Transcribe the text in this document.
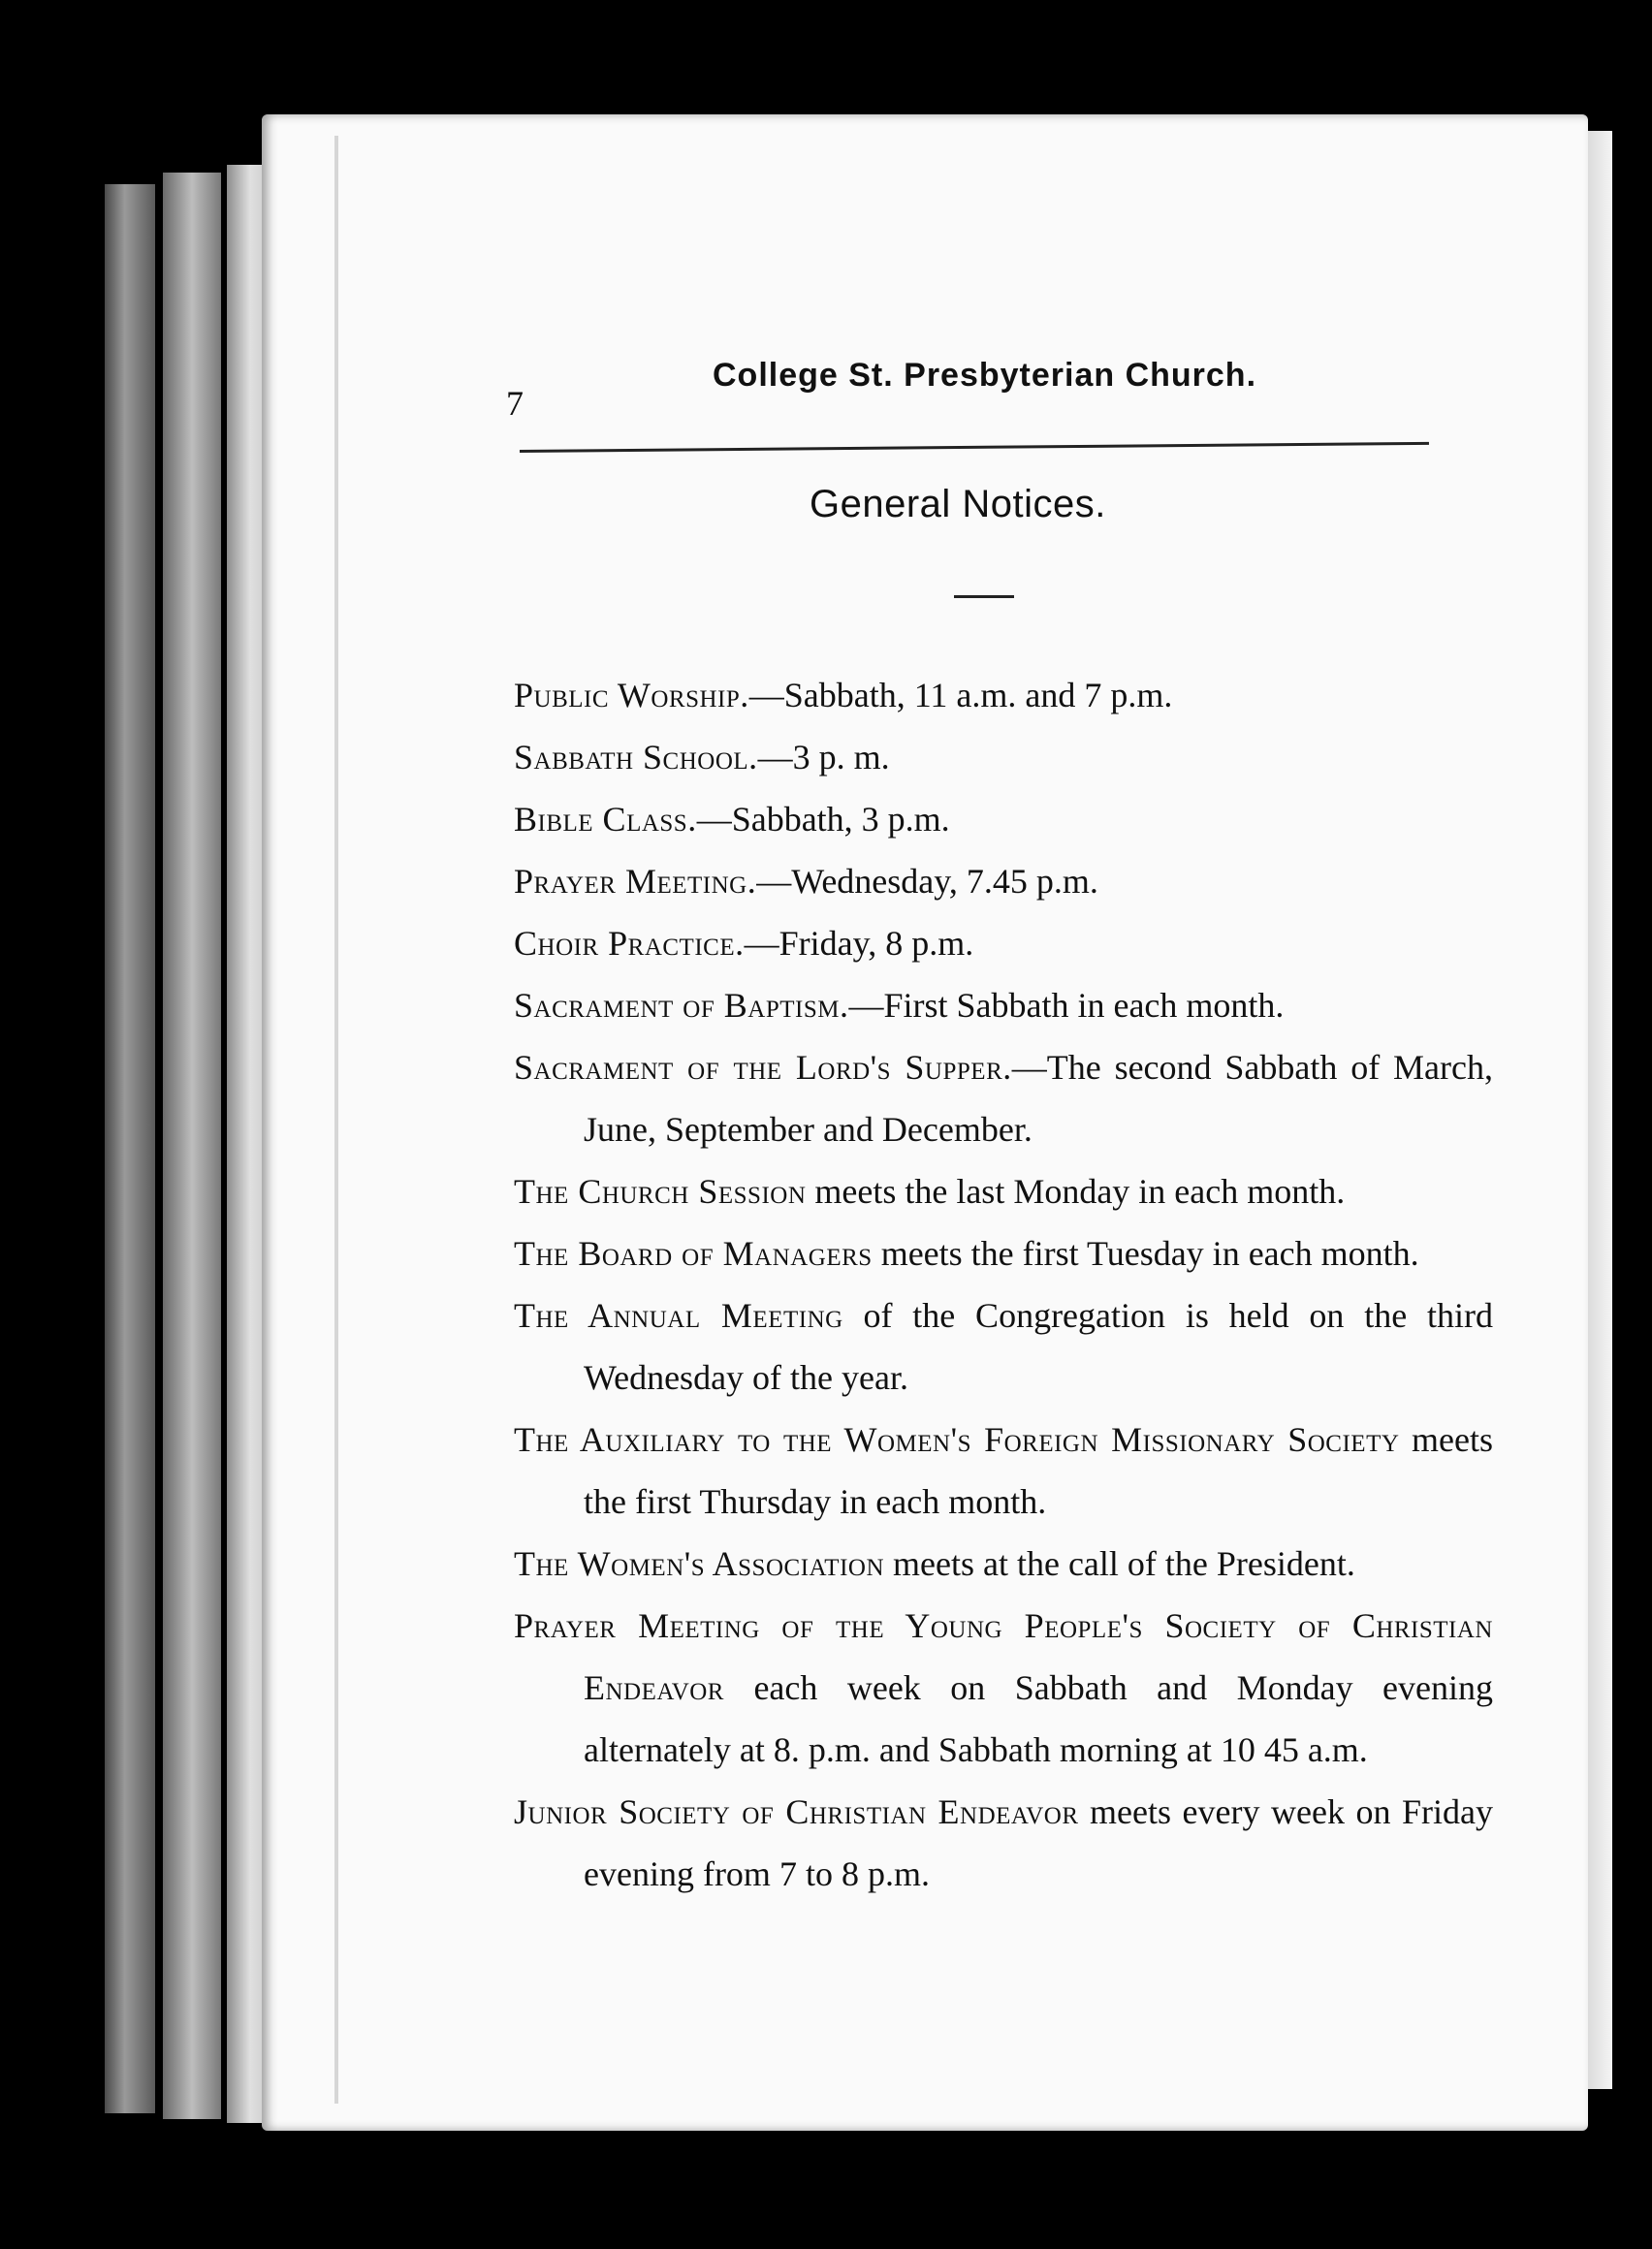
7
College St. Presbyterian Church.
General Notices.

Public Worship.—Sabbath, 11 a.m. and 7 p.m.

Sabbath School.—3 p. m.

Bible Class.—Sabbath, 3 p.m.

Prayer Meeting.—Wednesday, 7.45 p.m.

Choir Practice.—Friday, 8 p.m.

Sacrament of Baptism.—First Sabbath in each month.

Sacrament of the Lord's Supper.—The second Sabbath of March, June, September and December.

The Church Session meets the last Monday in each month.

The Board of Managers meets the first Tuesday in each month.

The Annual Meeting of the Congregation is held on the third Wednesday of the year.

The Auxiliary to the Women's Foreign Missionary Society meets the first Thursday in each month.

The Women's Association meets at the call of the President.

Prayer Meeting of the Young People's Society of Christian Endeavor each week on Sabbath and Monday evening alternately at 8. p.m. and Sabbath morning at 10 45 a.m.

Junior Society of Christian Endeavor meets every week on Friday evening from 7 to 8 p.m.
